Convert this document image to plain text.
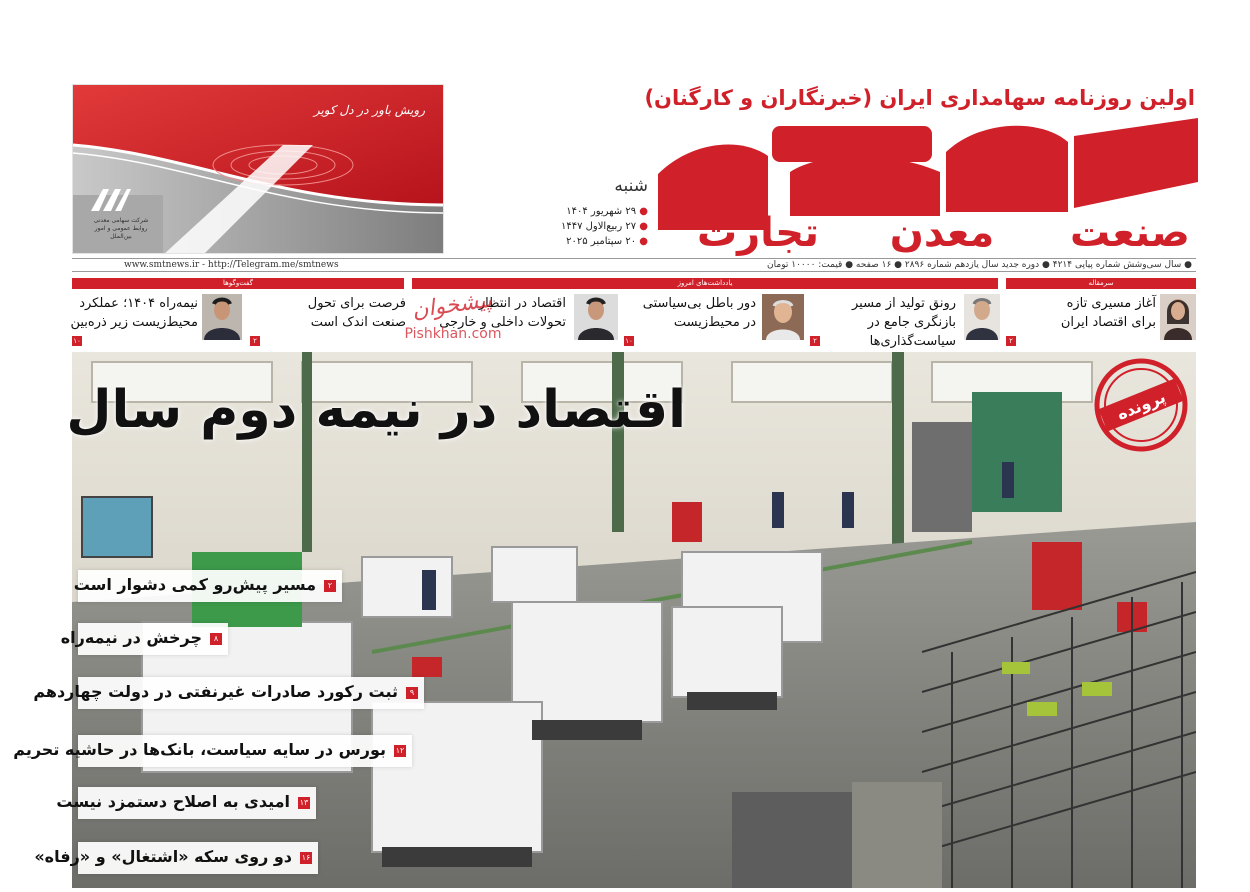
اولین روزنامه سهامداری ایران (خبرنگاران و کارگنان)
تجارت معدن صنعت
شنبه
● ۲۹ شهریور ۱۴۰۴
● ۲۷ ربیع‌الاول ۱۴۴۷
● ۲۰ سپتامبر ۲۰۲۵
رویش باور در دل کویر
شرکت سهامی معدنی
روابط عمومی و امور بین‌الملل
● سال سی‌وشش شماره پیاپی ۴۲۱۴ ● دوره جدید سال یازدهم شماره ۲۸۹۶ ● ۱۶ صفحه ● قیمت: ۱۰۰۰۰ تومان
www.smtnews.ir - http://Telegram.me/smtnews
سرمقاله
یادداشت‌های امروز
گفت‌وگوها
آغاز مسیری تازه
برای اقتصاد ایران
۲
رونق تولید از مسیر
بازنگری جامع در
سیاست‌گذاری‌ها
۲
دور باطل بی‌سیاستی
در محیط‌زیست
۱۰
اقتصاد در انتظار
تحولات داخلی و خارجی
فرصت برای تحول
صنعت اندک است
۲
نیمه‌راه ۱۴۰۴؛ عملکرد
محیط‌زیست زیر ذره‌بین
۱۰
پیشخوان
Pishkhan.com
اقتصاد در نیمه دوم سال	پرونده
مسیر پیش‌رو کمی دشوار است	۲
چرخش در نیمه‌راه	۸
ثبت رکورد صادرات غیرنفتی در دولت چهاردهم	۹
بورس در سایه سیاست، بانک‌ها در حاشیه تحریم ۱۲
امیدی به اصلاح دستمزد نیست ۱۳
دو روی سکه «اشتغال» و «رفاه» ۱۶
